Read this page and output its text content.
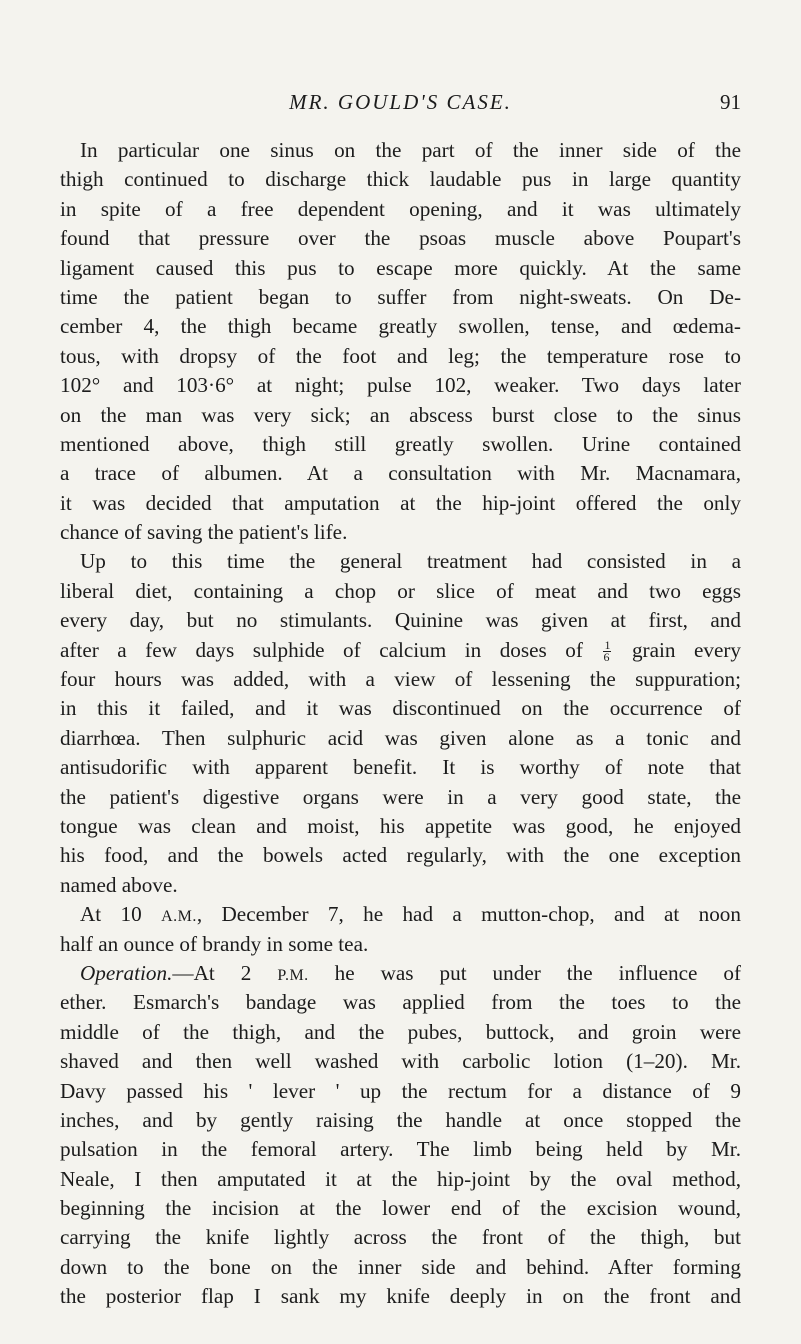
MR. GOULD'S CASE.	91
In particular one sinus on the part of the inner side of the
thigh continued to discharge thick laudable pus in large quantity
in spite of a free dependent opening, and it was ultimately
found that pressure over the psoas muscle above Poupart's
ligament caused this pus to escape more quickly. At the same
time the patient began to suffer from night-sweats. On De-
cember 4, the thigh became greatly swollen, tense, and œdema-
tous, with dropsy of the foot and leg; the temperature rose to
102° and 103·6° at night; pulse 102, weaker. Two days later
on the man was very sick; an abscess burst close to the sinus
mentioned above, thigh still greatly swollen. Urine contained
a trace of albumen. At a consultation with Mr. Macnamara,
it was decided that amputation at the hip-joint offered the only
chance of saving the patient's life.
Up to this time the general treatment had consisted in a
liberal diet, containing a chop or slice of meat and two eggs
every day, but no stimulants. Quinine was given at first, and
after a few days sulphide of calcium in doses of $\frac{1}{6}$ grain every
four hours was added, with a view of lessening the suppuration;
in this it failed, and it was discontinued on the occurrence of
diarrhœa. Then sulphuric acid was given alone as a tonic and
antisudorific with apparent benefit. It is worthy of note that
the patient's digestive organs were in a very good state, the
tongue was clean and moist, his appetite was good, he enjoyed
his food, and the bowels acted regularly, with the one exception
named above.
At 10 A.M., December 7, he had a mutton-chop, and at noon
half an ounce of brandy in some tea.
Operation.—At 2 P.M. he was put under the influence of
ether. Esmarch's bandage was applied from the toes to the
middle of the thigh, and the pubes, buttock, and groin were
shaved and then well washed with carbolic lotion (1–20). Mr.
Davy passed his ' lever ' up the rectum for a distance of 9
inches, and by gently raising the handle at once stopped the
pulsation in the femoral artery. The limb being held by Mr.
Neale, I then amputated it at the hip-joint by the oval method,
beginning the incision at the lower end of the excision wound,
carrying the knife lightly across the front of the thigh, but
down to the bone on the inner side and behind. After forming
the posterior flap I sank my knife deeply in on the front and
